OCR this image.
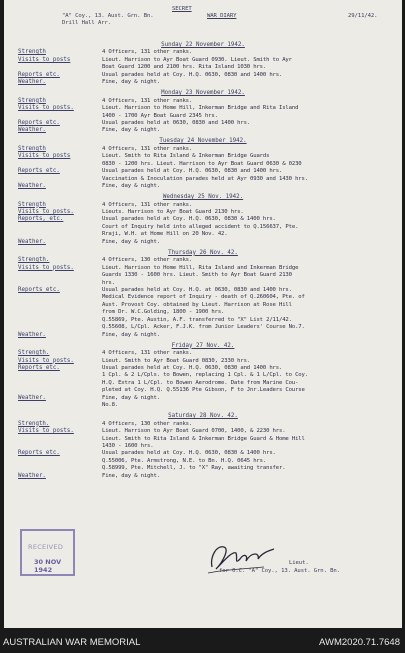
SECRET
"A" Coy., 13. Aust. Grn. Bn.
Drill Hall Arr.
WAR DIARY	29/11/42.
Sunday 22 November 1942.
Strength	4 Officers, 131 other ranks.
Visits to posts	Lieut. Harrison to Ayr Boat Guard 0930. Lieut. Smith to Ayr
Boat Guard 1200 and 2100 hrs. Rita Island 1030 hrs.
Reports etc.	Usual parades held at Coy. H.Q. 0630, 0830 and 1400 hrs.
Weather.	Fine, day & night.
Monday 23 November 1942.
Strength	4 Officers, 131 other ranks.
Visits to posts.	Lieut. Harrison to Home Hill, Inkerman Bridge and Rita Island
1400 - 1700 Ayr Boat Guard 2345 hrs.
Reports etc.	Usual parades held at 0630, 0830 and 1400 hrs.
Weather.	Fine, day & night.
Tuesday 24 November 1942.
Strength	4 Officers, 131 other ranks.
Visits to posts	Lieut. Smith to Rita Island & Inkerman Bridge Guards
0830 - 1200 hrs. Lieut. Harrison to Ayr Boat Guard 0630 & 0230
Reports etc.	Usual parades held at Coy. H.Q. 0630, 0830 and 1400 hrs.
Vaccination & Inoculation parades held at Ayr 0930 and 1430 hrs.
Weather.	Fine, day & night.
Wednesday 25 Nov. 1942.
Strength	4 Officers, 131 other ranks.
Visits to posts.	Lieuts. Harrison to Ayr Boat Guard 2130 hrs.
Reports, etc.	Usual parades held at Coy. H.Q. 0630, 0830 & 1400 hrs.
Court of Inquiry held into alleged accident to Q.156637, Pte.
Rraji, W.H. at Home Hill on 20 Nov. 42.
Weather.	Fine, day & night.
Thursday 26 Nov. 42.
Strength.	4 Officers, 130 other ranks.
Visits to posts.	Lieut. Harrison to Home Hill, Rita Island and Inkerman Bridge
Guards 1330 - 1600 hrs. Lieut. Smith to Ayr Boat Guard 2130
hrs.
Reports etc.	Usual parades held at Coy. H.Q. at 0630, 0830 and 1400 hrs.
Medical Evidence report of Inquiry - death of Q.260604, Pte. of
Aust. Provost Coy. obtained by Lieut. Harrison at Rose Hill
from Dr. W.C.Golding, 1800 - 1900 hrs.
Q.55869, Pte. Austin, A.F. transferred to "X" List 2/11/42.
Q.55608, L/Cpl. Acker, F.J.K. from Junior Leaders' Course No.7.
Weather.	Fine, day & night.
Friday 27 Nov. 42.
Strength.	4 Officers, 131 other ranks.
Visits to posts.	Lieut. Smith to Ayr Boat Guard 0830, 2330 hrs.
Reports etc.	Usual parades held at Coy. H.Q. 0630, 0830 and 1400 hrs.
1 Cpl. & 2 L/Cpls. to Bowen, replacing 1 Cpl. & 1 L/Cpl. to Coy.
H.Q. Extra 1 L/Cpl. to Bowen Aerodrome. Date from Marine Cou-
pleted at Coy. H.Q. Q.55136 Pte Gibson, F to Jnr.Leaders Course
Weather.	Fine, day & night.
No.8.
Saturday 28 Nov. 42.
Strength.	4 Officers, 130 other ranks.
Visits to posts.	Lieut. Harrison to Ayr Boat Guard 0700, 1400, & 2230 hrs.
Lieut. Smith to Rita Island & Inkerman Bridge Guard & Home Hill
1430 - 1600 hrs.
Reports etc.	Usual parades held at Coy. H.Q. 0630, 0830 & 1400 hrs.
Q.55006, Pte. Armstrong, N.E. to Bn. H.Q. 0645 hrs.
Q.58999, Pte. Mitchell, J. to "X" Ray, awaiting transfer.
Weather.	Fine, day & night.
RECEIVED
30 NOV 1942
Lieut.
for O.C. "A" Coy., 13. Aust. Grn. Bn.
AUSTRALIAN WAR MEMORIAL	AWM2020.71.7648
